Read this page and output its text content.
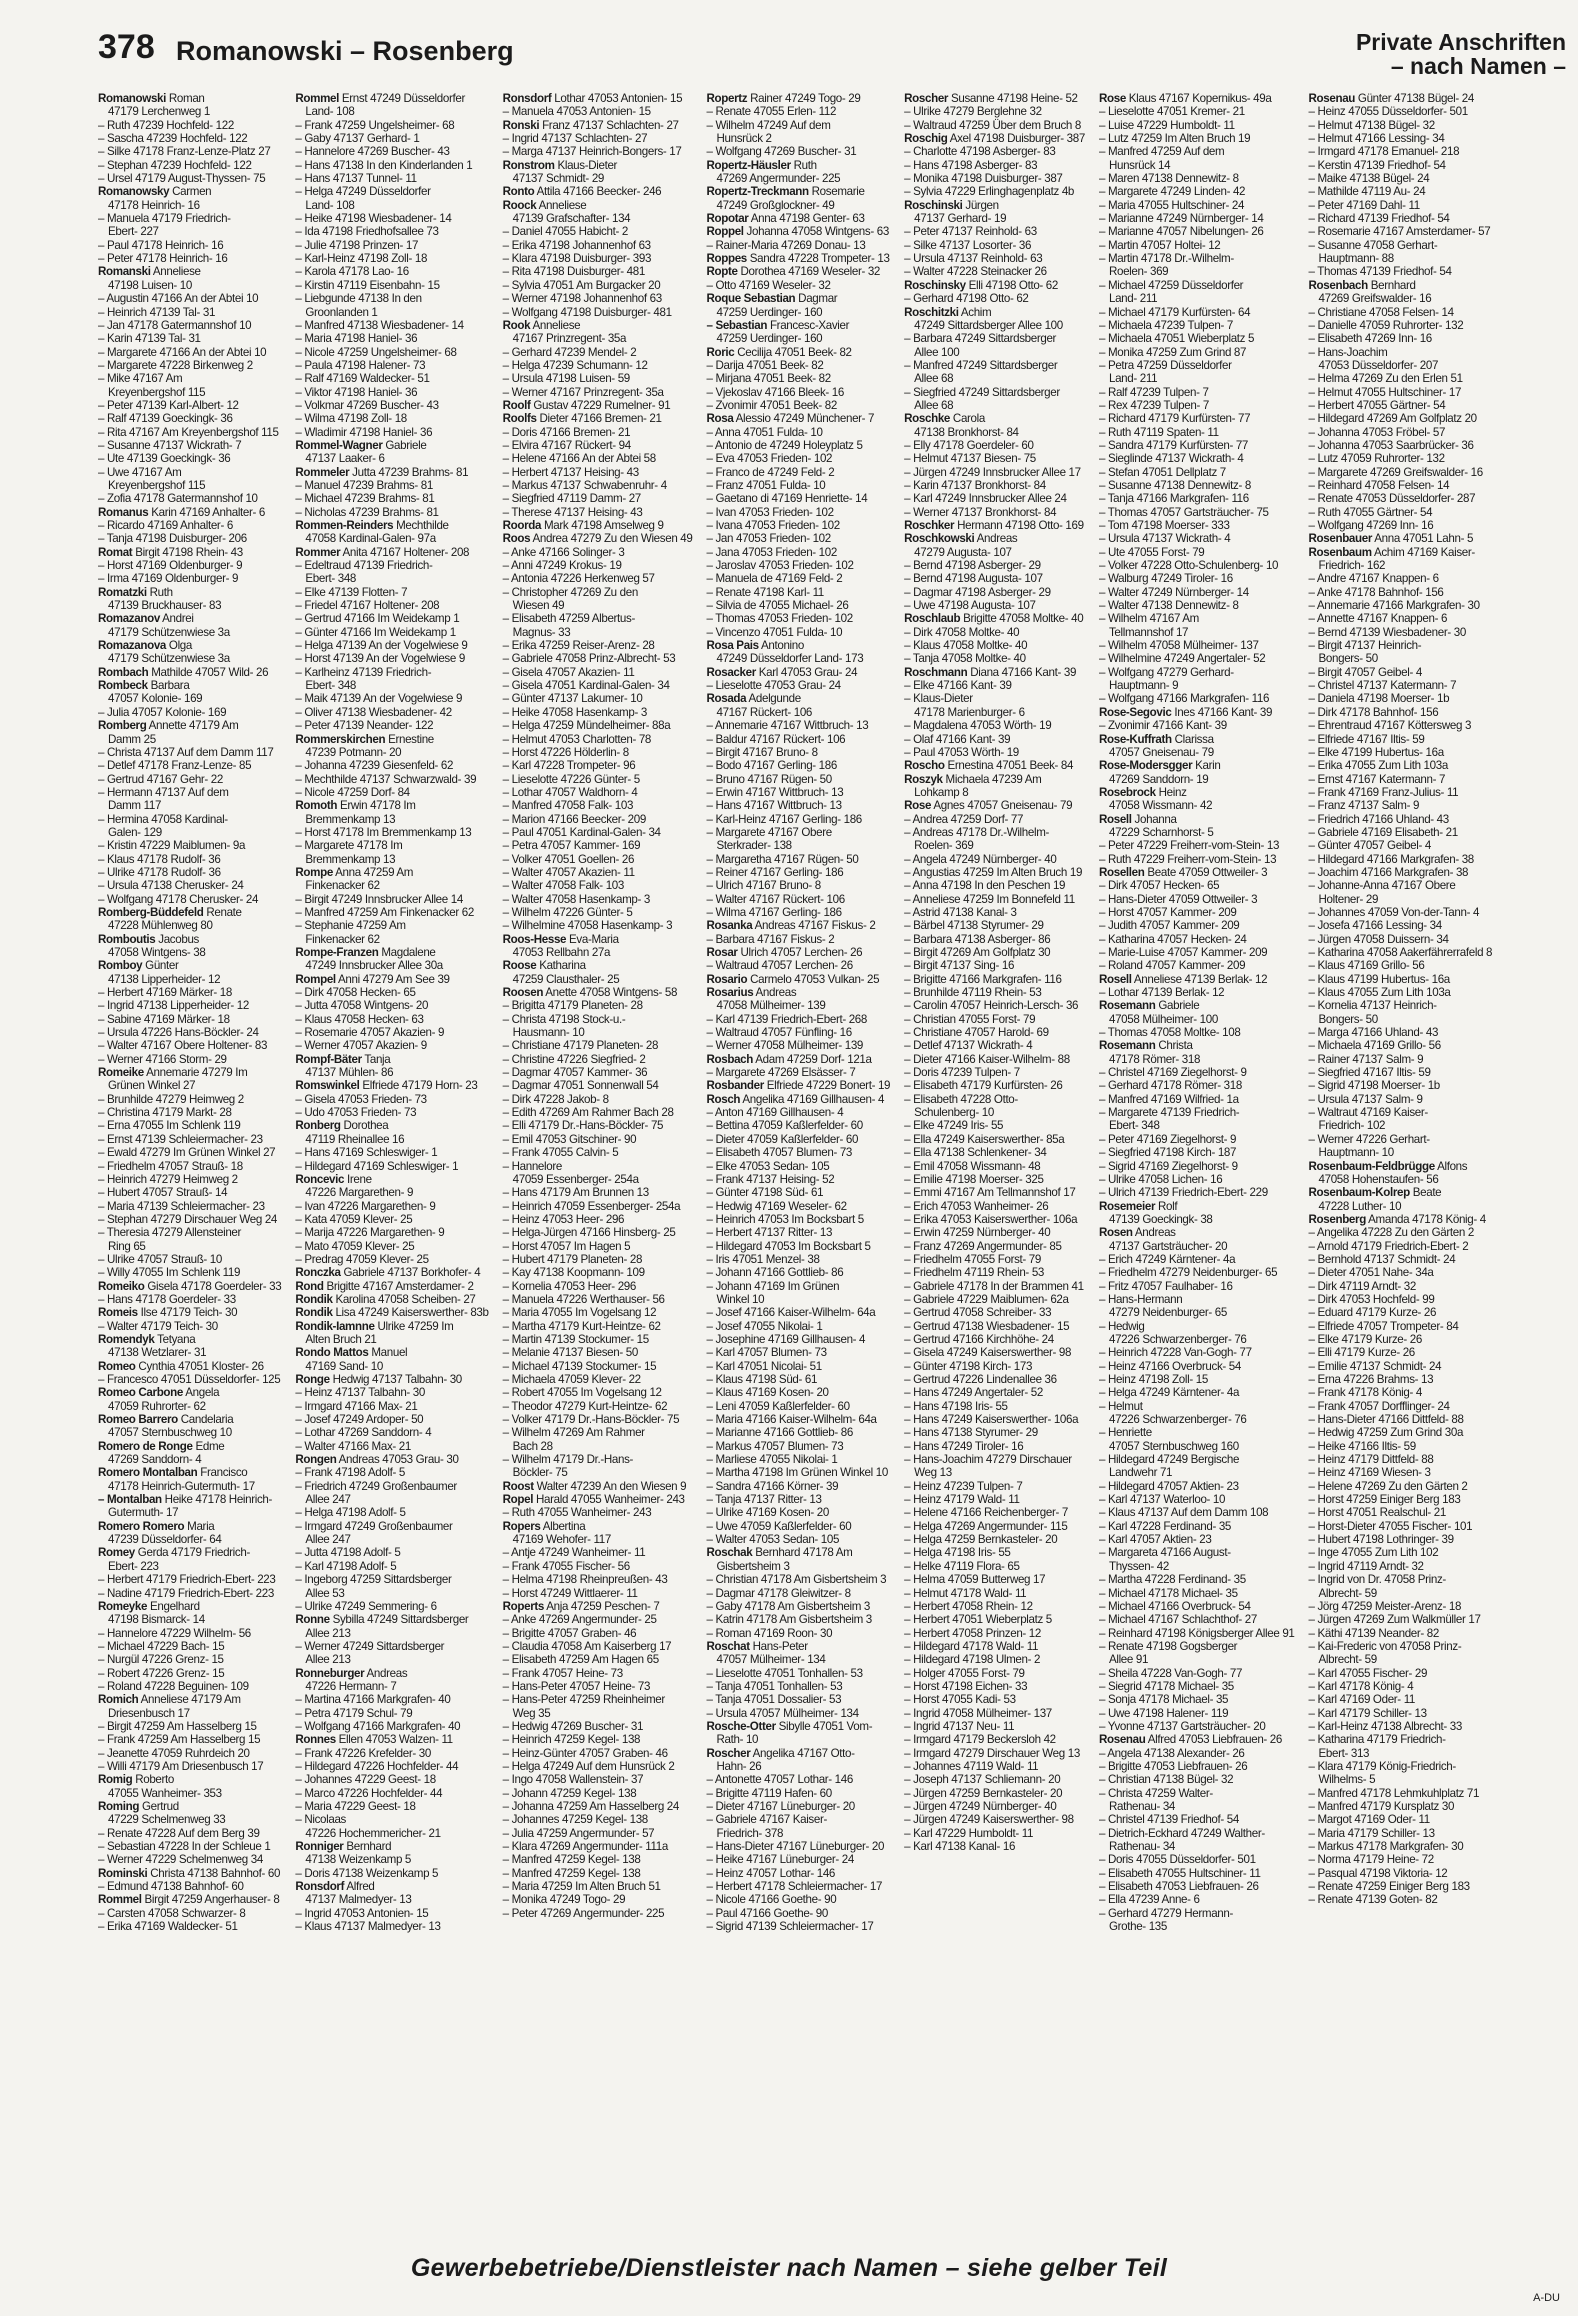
378 Romanowski – Rosenberg	Private Anschriften
– nach Namen –
Romanowski Roman
47179 Lerchenweg 1
– Ruth 47239 Hochfeld- 122
– Sascha 47239 Hochfeld- 122
– Silke 47178 Franz-Lenze-Platz 27
– Stephan 47239 Hochfeld- 122
– Ursel 47179 August-Thyssen- 75
Romanowsky Carmen
47178 Heinrich- 16
– Manuela 47179 Friedrich-
Ebert- 227
– Paul 47178 Heinrich- 16
– Peter 47178 Heinrich- 16
Romanski Anneliese
47198 Luisen- 10
– Augustin 47166 An der Abtei 10
– Heinrich 47139 Tal- 31
– Jan 47178 Gatermannshof 10
– Karin 47139 Tal- 31
– Margarete 47166 An der Abtei 10
– Margarete 47228 Birkenweg 2
– Mike 47167 Am
Kreyenbergshof 115
– Peter 47139 Karl-Albert- 12
– Ralf 47139 Goeckingk- 36
– Rita 47167 Am Kreyenbergshof 115
– Susanne 47137 Wickrath- 7
– Ute 47139 Goeckingk- 36
– Uwe 47167 Am
Kreyenbergshof 115
– Zofia 47178 Gatermannshof 10
Romanus Karin 47169 Anhalter- 6
– Ricardo 47169 Anhalter- 6
– Tanja 47198 Duisburger- 206
Romat Birgit 47198 Rhein- 43
– Horst 47169 Oldenburger- 9
– Irma 47169 Oldenburger- 9
Romatzki Ruth
47139 Bruckhauser- 83
Romazanov Andrei
47179 Schützenwiese 3a
Romazanova Olga
47179 Schützenwiese 3a
Rombach Mathilde 47057 Wild- 26
Rombeck Barbara
47057 Kolonie- 169
– Julia 47057 Kolonie- 169
Romberg Annette 47179 Am
Damm 25
– Christa 47137 Auf dem Damm 117
– Detlef 47178 Franz-Lenze- 85
– Gertrud 47167 Gehr- 22
– Hermann 47137 Auf dem
Damm 117
– Hermina 47058 Kardinal-
Galen- 129
– Kristin 47229 Maiblumen- 9a
– Klaus 47178 Rudolf- 36
– Ulrike 47178 Rudolf- 36
– Ursula 47138 Cherusker- 24
– Wolfgang 47178 Cherusker- 24
Romberg-Büddefeld Renate
47228 Mühlenweg 80
Romboutis Jacobus
47058 Wintgens- 38
Romboy Günter
47138 Lipperheider- 12
– Herbert 47169 Märker- 18
– Ingrid 47138 Lipperheider- 12
– Sabine 47169 Märker- 18
– Ursula 47226 Hans-Böckler- 24
– Walter 47167 Obere Holtener- 83
– Werner 47166 Storm- 29
Romeike Annemarie 47279 Im
Grünen Winkel 27
– Brunhilde 47279 Heimweg 2
– Christina 47179 Markt- 28
– Erna 47055 Im Schlenk 119
– Ernst 47139 Schleiermacher- 23
– Ewald 47279 Im Grünen Winkel 27
– Friedhelm 47057 Strauß- 18
– Heinrich 47279 Heimweg 2
– Hubert 47057 Strauß- 14
– Maria 47139 Schleiermacher- 23
– Stephan 47279 Dirschauer Weg 24
– Theresia 47279 Allensteiner
Ring 65
– Ulrike 47057 Strauß- 10
– Willy 47055 Im Schlenk 119
Romeiko Gisela 47178 Goerdeler- 33
– Hans 47178 Goerdeler- 33
Romeis Ilse 47179 Teich- 30
– Walter 47179 Teich- 30
Romendyk Tetyana
47138 Wetzlarer- 31
Romeo Cynthia 47051 Kloster- 26
– Francesco 47051 Düsseldorfer- 125
Romeo Carbone Angela
47059 Ruhrorter- 62
Romeo Barrero Candelaria
47057 Sternbuschweg 10
Romero de Ronge Edme
47269 Sanddorn- 4
Romero Montalban Francisco
47178 Heinrich-Gutermuth- 17
– Montalban Heike 47178 Heinrich-
Gutermuth- 17
Romero Romero Maria
47239 Düsseldorfer- 64
Romey Gerda 47179 Friedrich-
Ebert- 223
– Herbert 47179 Friedrich-Ebert- 223
– Nadine 47179 Friedrich-Ebert- 223
Romeyke Engelhard
47198 Bismarck- 14
– Hannelore 47229 Wilhelm- 56
– Michael 47229 Bach- 15
– Nurgül 47226 Grenz- 15
– Robert 47226 Grenz- 15
– Roland 47228 Beguinen- 109
Romich Anneliese 47179 Am
Driesenbusch 17
– Birgit 47259 Am Hasselberg 15
– Frank 47259 Am Hasselberg 15
– Jeanette 47059 Ruhrdeich 20
– Willi 47179 Am Driesenbusch 17
Romig Roberto
47055 Wanheimer- 353
Roming Gertrud
47229 Schelmenweg 33
– Renate 47228 Auf dem Berg 39
– Sebastian 47228 In der Schleue 1
– Werner 47229 Schelmenweg 34
Rominski Christa 47138 Bahnhof- 60
– Edmund 47138 Bahnhof- 60
Rommel Birgit 47259 Angerhauser- 8
– Carsten 47058 Schwarzer- 8
– Erika 47169 Waldecker- 51
Rommel Ernst 47249 Düsseldorfer
Land- 108
– Frank 47259 Ungelsheimer- 68
– Gaby 47137 Gerhard- 1
– Hannelore 47269 Buscher- 43
– Hans 47138 In den Kinderlanden 1
– Hans 47137 Tunnel- 11
– Helga 47249 Düsseldorfer
Land- 108
– Heike 47198 Wiesbadener- 14
– Ida 47198 Friedhofsallee 73
– Julie 47198 Prinzen- 17
– Karl-Heinz 47198 Zoll- 18
– Karola 47178 Lao- 16
– Kirstin 47119 Eisenbahn- 15
– Liebgunde 47138 In den
Groonlanden 1
– Manfred 47138 Wiesbadener- 14
– Maria 47198 Haniel- 36
– Nicole 47259 Ungelsheimer- 68
– Paula 47198 Halener- 73
– Ralf 47169 Waldecker- 51
– Viktor 47198 Haniel- 36
– Volkmar 47269 Buscher- 43
– Wilma 47198 Zoll- 18
– Wladimir 47198 Haniel- 36
Rommel-Wagner Gabriele
47137 Laaker- 6
Rommeler Jutta 47239 Brahms- 81
– Manuel 47239 Brahms- 81
– Michael 47239 Brahms- 81
– Nicholas 47239 Brahms- 81
Rommen-Reinders Mechthilde
47058 Kardinal-Galen- 97a
Rommer Anita 47167 Holtener- 208
– Edeltraud 47139 Friedrich-
Ebert- 348
– Elke 47139 Flotten- 7
– Friedel 47167 Holtener- 208
– Gertrud 47166 Im Weidekamp 1
– Günter 47166 Im Weidekamp 1
– Helga 47139 An der Vogelwiese 9
– Horst 47139 An der Vogelwiese 9
– Karlheinz 47139 Friedrich-
Ebert- 348
– Maik 47139 An der Vogelwiese 9
– Oliver 47138 Wiesbadener- 42
– Peter 47139 Neander- 122
Rommerskirchen Ernestine
47239 Potmann- 20
– Johanna 47239 Giesenfeld- 62
– Mechthilde 47137 Schwarzwald- 39
– Nicole 47259 Dorf- 84
Romoth Erwin 47178 Im
Bremmenkamp 13
– Horst 47178 Im Bremmenkamp 13
– Margarete 47178 Im
Bremmenkamp 13
Rompe Anna 47259 Am
Finkenacker 62
– Birgit 47249 Innsbrucker Allee 14
– Manfred 47259 Am Finkenacker 62
– Stephanie 47259 Am
Finkenacker 62
Rompe-Franzen Magdalene
47249 Innsbrucker Allee 30a
Rompel Anni 47279 Am See 39
– Dirk 47058 Hecken- 65
– Jutta 47058 Wintgens- 20
– Klaus 47058 Hecken- 63
– Rosemarie 47057 Akazien- 9
– Werner 47057 Akazien- 9
Rompf-Bäter Tanja
47137 Mühlen- 86
Romswinkel Elfriede 47179 Horn- 23
– Gisela 47053 Frieden- 73
– Udo 47053 Frieden- 73
Ronberg Dorothea
47119 Rheinallee 16
– Hans 47169 Schleswiger- 1
– Hildegard 47169 Schleswiger- 1
Roncevic Irene
47226 Margarethen- 9
– Ivan 47226 Margarethen- 9
– Kata 47059 Klever- 25
– Marija 47226 Margarethen- 9
– Mato 47059 Klever- 25
– Predrag 47059 Klever- 25
Ronczka Gabriele 47137 Borkhofer- 4
Rond Brigitte 47167 Amsterdamer- 2
Rondik Karolina 47058 Scheiben- 27
Rondik Lisa 47249 Kaiserswerther- 83b
Rondik-Iamnne Ulrike 47259 Im
Alten Bruch 21
Rondo Mattos Manuel
47169 Sand- 10
Ronge Hedwig 47137 Talbahn- 30
– Heinz 47137 Talbahn- 30
– Irmgard 47166 Max- 21
– Josef 47249 Ardoper- 50
– Lothar 47269 Sanddorn- 4
– Walter 47166 Max- 21
Rongen Andreas 47053 Grau- 30
– Frank 47198 Adolf- 5
– Friedrich 47249 Großenbaumer
Allee 247
– Helga 47198 Adolf- 5
– Irmgard 47249 Großenbaumer
Allee 247
– Jutta 47198 Adolf- 5
– Karl 47198 Adolf- 5
– Ingeborg 47259 Sittardsberger
Allee 53
– Ulrike 47249 Semmering- 6
Ronne Sybilla 47249 Sittardsberger
Allee 213
– Werner 47249 Sittardsberger
Allee 213
Ronneburger Andreas
47226 Hermann- 7
– Martina 47166 Markgrafen- 40
– Petra 47179 Schul- 79
– Wolfgang 47166 Markgrafen- 40
Ronnes Ellen 47053 Walzen- 11
– Frank 47226 Krefelder- 30
– Hildegard 47226 Hochfelder- 44
– Johannes 47229 Geest- 18
– Marco 47226 Hochfelder- 44
– Maria 47229 Geest- 18
– Nicolaas
47226 Hochemmericher- 21
Ronniger Bernhard
47138 Weizenkamp 5
– Doris 47138 Weizenkamp 5
Ronsdorf Alfred
47137 Malmedyer- 13
– Ingrid 47053 Antonien- 15
– Klaus 47137 Malmedyer- 13
Ronsdorf Lothar 47053 Antonien- 15
– Manuela 47053 Antonien- 15
Ronski Franz 47137 Schlachten- 27
– Ingrid 47137 Schlachten- 27
– Marga 47137 Heinrich-Bongers- 17
Ronstrom Klaus-Dieter
47137 Schmidt- 29
Ronto Attila 47166 Beecker- 246
Roock Anneliese
47139 Grafschafter- 134
– Daniel 47055 Habicht- 2
– Erika 47198 Johannenhof 63
– Klara 47198 Duisburger- 393
– Rita 47198 Duisburger- 481
– Sylvia 47051 Am Burgacker 20
– Werner 47198 Johannenhof 63
– Wolfgang 47198 Duisburger- 481
Rook Anneliese
47167 Prinzregent- 35a
– Gerhard 47239 Mendel- 2
– Helga 47239 Schumann- 12
– Ursula 47198 Luisen- 59
– Werner 47167 Prinzregent- 35a
Roolf Gustav 47229 Rumelner- 91
Roolfs Dieter 47166 Bremen- 21
– Doris 47166 Bremen- 21
– Elvira 47167 Rückert- 94
– Helene 47166 An der Abtei 58
– Herbert 47137 Heising- 43
– Markus 47137 Schwabenruhr- 4
– Siegfried 47119 Damm- 27
– Therese 47137 Heising- 43
Roorda Mark 47198 Amselweg 9
Roos Andrea 47279 Zu den Wiesen 49
– Anke 47166 Solinger- 3
– Anni 47249 Krokus- 19
– Antonia 47226 Herkenweg 57
– Christopher 47269 Zu den
Wiesen 49
– Elisabeth 47259 Albertus-
Magnus- 33
– Erika 47259 Reiser-Arenz- 28
– Gabriele 47058 Prinz-Albrecht- 53
– Gisela 47057 Akazien- 11
– Gisela 47051 Kardinal-Galen- 34
– Günter 47137 Lakumer- 10
– Heike 47058 Hasenkamp- 3
– Helga 47259 Mündelheimer- 88a
– Helmut 47053 Charlotten- 78
– Horst 47226 Hölderlin- 8
– Karl 47228 Trompeter- 96
– Lieselotte 47226 Günter- 5
– Lothar 47057 Waldhorn- 4
– Manfred 47058 Falk- 103
– Marion 47166 Beecker- 209
– Paul 47051 Kardinal-Galen- 34
– Petra 47057 Kammer- 169
– Volker 47051 Goellen- 26
– Walter 47057 Akazien- 11
– Walter 47058 Falk- 103
– Walter 47058 Hasenkamp- 3
– Wilhelm 47226 Günter- 5
– Wilhelmine 47058 Hasenkamp- 3
Roos-Hesse Eva-Maria
47053 Rellbahn 27a
Roose Katharina
47259 Clausthaler- 25
Roosen Anette 47058 Wintgens- 58
– Brigitta 47179 Planeten- 28
– Christa 47198 Stock-u.-
Hausmann- 10
– Christiane 47179 Planeten- 28
– Christine 47226 Siegfried- 2
– Dagmar 47057 Kammer- 36
– Dagmar 47051 Sonnenwall 54
– Dirk 47228 Jakob- 8
– Edith 47269 Am Rahmer Bach 28
– Elli 47179 Dr.-Hans-Böckler- 75
– Emil 47053 Gitschiner- 90
– Frank 47055 Calvin- 5
– Hannelore
47059 Essenberger- 254a
– Hans 47179 Am Brunnen 13
– Heinrich 47059 Essenberger- 254a
– Heinz 47053 Heer- 296
– Helga-Jürgen 47166 Hinsberg- 25
– Horst 47057 Im Hagen 5
– Hubert 47179 Planeten- 28
– Kay 47138 Koopmann- 109
– Kornelia 47053 Heer- 296
– Manuela 47226 Werthauser- 56
– Maria 47055 Im Vogelsang 12
– Martha 47179 Kurt-Heintze- 62
– Martin 47139 Stockumer- 15
– Melanie 47137 Biesen- 50
– Michael 47139 Stockumer- 15
– Michaela 47059 Klever- 22
– Robert 47055 Im Vogelsang 12
– Theodor 47279 Kurt-Heintze- 62
– Volker 47179 Dr.-Hans-Böckler- 75
– Wilhelm 47269 Am Rahmer
Bach 28
– Wilhelm 47179 Dr.-Hans-
Böckler- 75
Roost Walter 47239 An den Wiesen 9
Ropel Harald 47055 Wanheimer- 243
– Ruth 47055 Wanheimer- 243
Ropers Albertina
47169 Wehofer- 117
– Antje 47249 Wanheimer- 11
– Frank 47055 Fischer- 56
– Helma 47198 Rheinpreußen- 43
– Horst 47249 Wittlaerer- 11
Roperts Anja 47259 Peschen- 7
– Anke 47269 Angermunder- 25
– Brigitte 47057 Graben- 46
– Claudia 47058 Am Kaiserberg 17
– Elisabeth 47259 Am Hagen 65
– Frank 47057 Heine- 73
– Hans-Peter 47057 Heine- 73
– Hans-Peter 47259 Rheinheimer
Weg 35
– Hedwig 47269 Buscher- 31
– Heinrich 47259 Kegel- 138
– Heinz-Günter 47057 Graben- 46
– Helga 47249 Auf dem Hunsrück 2
– Ingo 47058 Wallenstein- 37
– Johann 47259 Kegel- 138
– Johanna 47259 Am Hasselberg 24
– Johannes 47259 Kegel- 138
– Julia 47259 Angermunder- 57
– Klara 47269 Angermunder- 111a
– Manfred 47259 Kegel- 138
– Manfred 47259 Kegel- 138
– Maria 47259 Im Alten Bruch 51
– Monika 47249 Togo- 29
– Peter 47269 Angermunder- 225
Ropertz Rainer 47249 Togo- 29
– Renate 47055 Erlen- 112
– Wilhelm 47249 Auf dem
Hunsrück 2
– Wolfgang 47269 Buscher- 31
Ropertz-Häusler Ruth
47269 Angermunder- 225
Ropertz-Treckmann Rosemarie
47249 Großglockner- 49
Ropotar Anna 47198 Genter- 63
Roppel Johanna 47058 Wintgens- 63
– Rainer-Maria 47269 Donau- 13
Roppes Sandra 47228 Trompeter- 13
Ropte Dorothea 47169 Weseler- 32
– Otto 47169 Weseler- 32
Roque Sebastian Dagmar
47259 Uerdinger- 160
– Sebastian Francesc-Xavier
47259 Uerdinger- 160
Roric Cecilija 47051 Beek- 82
– Darija 47051 Beek- 82
– Mirjana 47051 Beek- 82
– Vjekoslav 47166 Bleek- 16
– Zvonimir 47051 Beek- 82
Rosa Alessio 47249 Münchener- 7
– Anna 47051 Fulda- 10
– Antonio de 47249 Holeyplatz 5
– Eva 47053 Frieden- 102
– Franco de 47249 Feld- 2
– Franz 47051 Fulda- 10
– Gaetano di 47169 Henriette- 14
– Ivan 47053 Frieden- 102
– Ivana 47053 Frieden- 102
– Jan 47053 Frieden- 102
– Jana 47053 Frieden- 102
– Jaroslav 47053 Frieden- 102
– Manuela de 47169 Feld- 2
– Renate 47198 Karl- 11
– Silvia de 47055 Michael- 26
– Thomas 47053 Frieden- 102
– Vincenzo 47051 Fulda- 10
Rosa Pais Antonino
47249 Düsseldorfer Land- 173
Rosacker Karl 47053 Grau- 24
– Lieselotte 47053 Grau- 24
Rosada Adelgunde
47167 Rückert- 106
– Annemarie 47167 Wittbruch- 13
– Baldur 47167 Rückert- 106
– Birgit 47167 Bruno- 8
– Bodo 47167 Gerling- 186
– Bruno 47167 Rügen- 50
– Erwin 47167 Wittbruch- 13
– Hans 47167 Wittbruch- 13
– Karl-Heinz 47167 Gerling- 186
– Margarete 47167 Obere
Sterkrader- 138
– Margaretha 47167 Rügen- 50
– Reiner 47167 Gerling- 186
– Ulrich 47167 Bruno- 8
– Walter 47167 Rückert- 106
– Wilma 47167 Gerling- 186
Rosanka Andreas 47167 Fiskus- 2
– Barbara 47167 Fiskus- 2
Rosar Ulrich 47057 Lerchen- 26
– Waltraud 47057 Lerchen- 26
Rosario Carmelo 47053 Vulkan- 25
Rosarius Andreas
47058 Mülheimer- 139
– Karl 47139 Friedrich-Ebert- 268
– Waltraud 47057 Fünfling- 16
– Werner 47058 Mülheimer- 139
Rosbach Adam 47259 Dorf- 121a
– Margarete 47269 Elsässer- 7
Rosbander Elfriede 47229 Bonert- 19
Rosch Angelika 47169 Gillhausen- 4
– Anton 47169 Gillhausen- 4
– Bettina 47059 Kaßlerfelder- 60
– Dieter 47059 Kaßlerfelder- 60
– Elisabeth 47057 Blumen- 73
– Elke 47053 Sedan- 105
– Frank 47137 Heising- 52
– Günter 47198 Süd- 61
– Hedwig 47169 Weseler- 62
– Heinrich 47053 Im Bocksbart 5
– Herbert 47137 Ritter- 13
– Hildegard 47053 Im Bocksbart 5
– Iris 47051 Menzel- 38
– Johann 47166 Gottlieb- 86
– Johann 47169 Im Grünen
Winkel 10
– Josef 47166 Kaiser-Wilhelm- 64a
– Josef 47055 Nikolai- 1
– Josephine 47169 Gillhausen- 4
– Karl 47057 Blumen- 73
– Karl 47051 Nicolai- 51
– Klaus 47198 Süd- 61
– Klaus 47169 Kosen- 20
– Leni 47059 Kaßlerfelder- 60
– Maria 47166 Kaiser-Wilhelm- 64a
– Marianne 47166 Gottlieb- 86
– Markus 47057 Blumen- 73
– Marliese 47055 Nikolai- 1
– Martha 47198 Im Grünen Winkel 10
– Sandra 47166 Körner- 39
– Tanja 47137 Ritter- 13
– Ulrike 47169 Kosen- 20
– Uwe 47059 Kaßlerfelder- 60
– Walter 47053 Sedan- 105
Roschak Bernhard 47178 Am
Gisbertsheim 3
– Christian 47178 Am Gisbertsheim 3
– Dagmar 47178 Gleiwitzer- 8
– Gaby 47178 Am Gisbertsheim 3
– Katrin 47178 Am Gisbertsheim 3
– Roman 47169 Roon- 30
Roschat Hans-Peter
47057 Mülheimer- 134
– Lieselotte 47051 Tonhallen- 53
– Tanja 47051 Tonhallen- 53
– Tanja 47051 Dossalier- 53
– Ursula 47057 Mülheimer- 134
Rosche-Otter Sibylle 47051 Vom-
Rath- 10
Roscher Angelika 47167 Otto-
Hahn- 26
– Antonette 47057 Lothar- 146
– Brigitte 47119 Hafen- 60
– Dieter 47167 Lüneburger- 20
– Gabriele 47167 Kaiser-
Friedrich- 378
– Hans-Dieter 47167 Lüneburger- 20
– Heike 47167 Lüneburger- 24
– Heinz 47057 Lothar- 146
– Herbert 47178 Schleiermacher- 17
– Nicole 47166 Goethe- 90
– Paul 47166 Goethe- 90
– Sigrid 47139 Schleiermacher- 17
Roscher Susanne 47198 Heine- 52
– Ulrike 47279 Berglehne 32
– Waltraud 47259 Über dem Bruch 8
Roschig Axel 47198 Duisburger- 387
– Charlotte 47198 Asberger- 83
– Hans 47198 Asberger- 83
– Monika 47198 Duisburger- 387
– Sylvia 47229 Erlinghagenplatz 4b
Roschinski Jürgen
47137 Gerhard- 19
– Peter 47137 Reinhold- 63
– Silke 47137 Losorter- 36
– Ursula 47137 Reinhold- 63
– Walter 47228 Steinacker 26
Roschinsky Elli 47198 Otto- 62
– Gerhard 47198 Otto- 62
Roschitzki Achim
47249 Sittardsberger Allee 100
– Barbara 47249 Sittardsberger
Allee 100
– Manfred 47249 Sittardsberger
Allee 68
– Siegfried 47249 Sittardsberger
Allee 68
Roschke Carola
47138 Bronkhorst- 84
– Elly 47178 Goerdeler- 60
– Helmut 47137 Biesen- 75
– Jürgen 47249 Innsbrucker Allee 17
– Karin 47137 Bronkhorst- 84
– Karl 47249 Innsbrucker Allee 24
– Werner 47137 Bronkhorst- 84
Roschker Hermann 47198 Otto- 169
Roschkowski Andreas
47279 Augusta- 107
– Bernd 47198 Asberger- 29
– Bernd 47198 Augusta- 107
– Dagmar 47198 Asberger- 29
– Uwe 47198 Augusta- 107
Roschlaub Brigitte 47058 Moltke- 40
– Dirk 47058 Moltke- 40
– Klaus 47058 Moltke- 40
– Tanja 47058 Moltke- 40
Roschmann Diana 47166 Kant- 39
– Elke 47166 Kant- 39
– Klaus-Dieter
47178 Marienburger- 6
– Magdalena 47053 Wörth- 19
– Olaf 47166 Kant- 39
– Paul 47053 Wörth- 19
Roscho Ernestina 47051 Beek- 84
Roszyk Michaela 47239 Am
Lohkamp 8
Rose Agnes 47057 Gneisenau- 79
– Andrea 47259 Dorf- 77
– Andreas 47178 Dr.-Wilhelm-
Roelen- 369
– Angela 47249 Nürnberger- 40
– Angustias 47259 Im Alten Bruch 19
– Anna 47198 In den Peschen 19
– Anneliese 47259 Im Bonnefeld 11
– Astrid 47138 Kanal- 3
– Bärbel 47138 Styrumer- 29
– Barbara 47138 Asberger- 86
– Birgit 47269 Am Golfplatz 30
– Birgit 47137 Sing- 16
– Brigitte 47166 Markgrafen- 116
– Brunhilde 47119 Rhein- 53
– Carolin 47057 Heinrich-Lersch- 36
– Christian 47055 Forst- 79
– Christiane 47057 Harold- 69
– Detlef 47137 Wickrath- 4
– Dieter 47166 Kaiser-Wilhelm- 88
– Doris 47239 Tulpen- 7
– Elisabeth 47179 Kurfürsten- 26
– Elisabeth 47228 Otto-
Schulenberg- 10
– Elke 47249 Iris- 55
– Ella 47249 Kaiserswerther- 85a
– Ella 47138 Schlenkener- 34
– Emil 47058 Wissmann- 48
– Emilie 47198 Moerser- 325
– Emmi 47167 Am Tellmannshof 17
– Erich 47053 Wanheimer- 26
– Erika 47053 Kaiserswerther- 106a
– Erwin 47259 Nürnberger- 40
– Franz 47269 Angermunder- 85
– Friedhelm 47055 Forst- 79
– Friedhelm 47119 Rhein- 53
– Gabriele 47178 In der Brammen 41
– Gabriele 47229 Maiblumen- 62a
– Gertrud 47058 Schreiber- 33
– Gertrud 47138 Wiesbadener- 15
– Gertrud 47166 Kirchhöhe- 24
– Gisela 47249 Kaiserswerther- 98
– Günter 47198 Kirch- 173
– Gertrud 47226 Lindenallee 36
– Hans 47249 Angertaler- 52
– Hans 47198 Iris- 55
– Hans 47249 Kaiserswerther- 106a
– Hans 47138 Styrumer- 29
– Hans 47249 Tiroler- 16
– Hans-Joachim 47279 Dirschauer
Weg 13
– Heinz 47239 Tulpen- 7
– Heinz 47179 Wald- 11
– Helene 47166 Reichenberger- 7
– Helga 47269 Angermunder- 115
– Helga 47259 Bernkasteler- 20
– Helga 47198 Iris- 55
– Helke 47119 Flora- 65
– Helma 47059 Butterweg 17
– Helmut 47178 Wald- 11
– Herbert 47058 Rhein- 12
– Herbert 47051 Wieberplatz 5
– Herbert 47058 Prinzen- 12
– Hildegard 47178 Wald- 11
– Hildegard 47198 Ulmen- 2
– Holger 47055 Forst- 79
– Horst 47198 Eichen- 33
– Horst 47055 Kadi- 53
– Ingrid 47058 Mülheimer- 137
– Ingrid 47137 Neu- 11
– Irmgard 47179 Beckersloh 42
– Irmgard 47279 Dirschauer Weg 13
– Johannes 47119 Wald- 11
– Joseph 47137 Schliemann- 20
– Jürgen 47259 Bernkasteler- 20
– Jürgen 47249 Nürnberger- 40
– Jürgen 47249 Kaiserswerther- 98
– Karl 47229 Humboldt- 11
– Karl 47138 Kanal- 16
Rose Klaus 47167 Kopernikus- 49a
– Lieselotte 47051 Kremer- 21
– Luise 47229 Humboldt- 11
– Lutz 47259 Im Alten Bruch 19
– Manfred 47259 Auf dem
Hunsrück 14
– Maren 47138 Dennewitz- 8
– Margarete 47249 Linden- 42
– Maria 47055 Hultschiner- 24
– Marianne 47249 Nürnberger- 14
– Marianne 47057 Nibelungen- 26
– Martin 47057 Holtei- 12
– Martin 47178 Dr.-Wilhelm-
Roelen- 369
– Michael 47259 Düsseldorfer
Land- 211
– Michael 47179 Kurfürsten- 64
– Michaela 47239 Tulpen- 7
– Michaela 47051 Wieberplatz 5
– Monika 47259 Zum Grind 87
– Petra 47259 Düsseldorfer
Land- 211
– Ralf 47239 Tulpen- 7
– Rex 47239 Tulpen- 7
– Richard 47179 Kurfürsten- 77
– Ruth 47119 Spaten- 11
– Sandra 47179 Kurfürsten- 77
– Sieglinde 47137 Wickrath- 4
– Stefan 47051 Dellplatz 7
– Susanne 47138 Dennewitz- 8
– Tanja 47166 Markgrafen- 116
– Thomas 47057 Gartsträucher- 75
– Tom 47198 Moerser- 333
– Ursula 47137 Wickrath- 4
– Ute 47055 Forst- 79
– Volker 47228 Otto-Schulenberg- 10
– Walburg 47249 Tiroler- 16
– Walter 47249 Nürnberger- 14
– Walter 47138 Dennewitz- 8
– Wilhelm 47167 Am
Tellmannshof 17
– Wilhelm 47058 Mülheimer- 137
– Wilhelmine 47249 Angertaler- 52
– Wolfgang 47279 Gerhard-
Hauptmann- 9
– Wolfgang 47166 Markgrafen- 116
Rose-Segovic Ines 47166 Kant- 39
– Zvonimir 47166 Kant- 39
Rose-Kuffrath Clarissa
47057 Gneisenau- 79
Rose-Modersgger Karin
47269 Sanddorn- 19
Rosebrock Heinz
47058 Wissmann- 42
Rosell Johanna
47229 Scharnhorst- 5
– Peter 47229 Freiherr-vom-Stein- 13
– Ruth 47229 Freiherr-vom-Stein- 13
Rosellen Beate 47059 Ottweiler- 3
– Dirk 47057 Hecken- 65
– Hans-Dieter 47059 Ottweiler- 3
– Horst 47057 Kammer- 209
– Judith 47057 Kammer- 209
– Katharina 47057 Hecken- 24
– Marie-Luise 47057 Kammer- 209
– Roland 47057 Kammer- 209
Rosell Anneliese 47139 Berlak- 12
– Lothar 47139 Berlak- 12
Rosemann Gabriele
47058 Mülheimer- 100
– Thomas 47058 Moltke- 108
Rosemann Christa
47178 Römer- 318
– Christel 47169 Ziegelhorst- 9
– Gerhard 47178 Römer- 318
– Manfred 47169 Wilfried- 1a
– Margarete 47139 Friedrich-
Ebert- 348
– Peter 47169 Ziegelhorst- 9
– Siegfried 47198 Kirch- 187
– Sigrid 47169 Ziegelhorst- 9
– Ulrike 47058 Lichen- 16
– Ulrich 47139 Friedrich-Ebert- 229
Rosemeier Rolf
47139 Goeckingk- 38
Rosen Andreas
47137 Gartsträucher- 20
– Erich 47249 Kärntener- 4a
– Friedhelm 47279 Neidenburger- 65
– Fritz 47057 Faulhaber- 16
– Hans-Hermann
47279 Neidenburger- 65
– Hedwig
47226 Schwarzenberger- 76
– Heinrich 47228 Van-Gogh- 77
– Heinz 47166 Overbruck- 54
– Heinz 47198 Zoll- 15
– Helga 47249 Kärntener- 4a
– Helmut
47226 Schwarzenberger- 76
– Henriette
47057 Sternbuschweg 160
– Hildegard 47249 Bergische
Landwehr 71
– Hildegard 47057 Aktien- 23
– Karl 47137 Waterloo- 10
– Klaus 47137 Auf dem Damm 108
– Karl 47228 Ferdinand- 35
– Karl 47057 Aktien- 23
– Margareta 47166 August-
Thyssen- 42
– Martha 47228 Ferdinand- 35
– Michael 47178 Michael- 35
– Michael 47166 Overbruck- 54
– Michael 47167 Schlachthof- 27
– Reinhard 47198 Königsberger Allee 91
– Renate 47198 Gogsberger
Allee 91
– Sheila 47228 Van-Gogh- 77
– Siegrid 47178 Michael- 35
– Sonja 47178 Michael- 35
– Uwe 47198 Halener- 119
– Yvonne 47137 Gartsträucher- 20
Rosenau Alfred 47053 Liebfrauen- 26
– Angela 47138 Alexander- 26
– Brigitte 47053 Liebfrauen- 26
– Christian 47138 Bügel- 32
– Christa 47259 Walter-
Rathenau- 34
– Christel 47139 Friedhof- 54
– Dietrich-Eckhard 47249 Walther-
Rathenau- 34
– Doris 47055 Düsseldorfer- 501
– Elisabeth 47055 Hultschiner- 11
– Elisabeth 47053 Liebfrauen- 26
– Ella 47239 Anne- 6
– Gerhard 47279 Hermann-
Grothe- 135
Rosenau Günter 47138 Bügel- 24
– Heinz 47055 Düsseldorfer- 501
– Helmut 47138 Bügel- 32
– Helmut 47166 Lessing- 34
– Irmgard 47178 Emanuel- 218
– Kerstin 47139 Friedhof- 54
– Maike 47138 Bügel- 24
– Mathilde 47119 Au- 24
– Peter 47169 Dahl- 11
– Richard 47139 Friedhof- 54
– Rosemarie 47167 Amsterdamer- 57
– Susanne 47058 Gerhart-
Hauptmann- 88
– Thomas 47139 Friedhof- 54
Rosenbach Bernhard
47269 Greifswalder- 16
– Christiane 47058 Felsen- 14
– Danielle 47059 Ruhrorter- 132
– Elisabeth 47269 Inn- 16
– Hans-Joachim
47053 Düsseldorfer- 207
– Helma 47269 Zu den Erlen 51
– Helmut 47055 Hultschiner- 17
– Herbert 47055 Gärtner- 54
– Hildegard 47269 Am Golfplatz 20
– Johanna 47053 Fröbel- 57
– Johanna 47053 Saarbrücker- 36
– Lutz 47059 Ruhrorter- 132
– Margarete 47269 Greifswalder- 16
– Reinhard 47058 Felsen- 14
– Renate 47053 Düsseldorfer- 287
– Ruth 47055 Gärtner- 54
– Wolfgang 47269 Inn- 16
Rosenbauer Anna 47051 Lahn- 5
Rosenbaum Achim 47169 Kaiser-
Friedrich- 162
– Andre 47167 Knappen- 6
– Anke 47178 Bahnhof- 156
– Annemarie 47166 Markgrafen- 30
– Annette 47167 Knappen- 6
– Bernd 47139 Wiesbadener- 30
– Birgit 47137 Heinrich-
Bongers- 50
– Birgit 47057 Geibel- 4
– Christel 47137 Katermann- 7
– Daniela 47198 Moerser- 1b
– Dirk 47178 Bahnhof- 156
– Ehrentraud 47167 Köttersweg 3
– Elfriede 47167 Iltis- 59
– Elke 47199 Hubertus- 16a
– Erika 47055 Zum Lith 103a
– Ernst 47167 Katermann- 7
– Frank 47169 Franz-Julius- 11
– Franz 47137 Salm- 9
– Friedrich 47166 Uhland- 43
– Gabriele 47169 Elisabeth- 21
– Günter 47057 Geibel- 4
– Hildegard 47166 Markgrafen- 38
– Joachim 47166 Markgrafen- 38
– Johanne-Anna 47167 Obere
Holtener- 29
– Johannes 47059 Von-der-Tann- 4
– Josefa 47166 Lessing- 34
– Jürgen 47058 Duissern- 34
– Katharina 47058 Aakerfährerrafeld 8
– Klaus 47169 Grillo- 56
– Klaus 47199 Hubertus- 16a
– Klaus 47055 Zum Lith 103a
– Kornelia 47137 Heinrich-
Bongers- 50
– Marga 47166 Uhland- 43
– Michaela 47169 Grillo- 56
– Rainer 47137 Salm- 9
– Siegfried 47167 Iltis- 59
– Sigrid 47198 Moerser- 1b
– Ursula 47137 Salm- 9
– Waltraut 47169 Kaiser-
Friedrich- 102
– Werner 47226 Gerhart-
Hauptmann- 10
Rosenbaum-Feldbrügge Alfons
47058 Hohenstaufen- 56
Rosenbaum-Kolrep Beate
47228 Luther- 10
Rosenberg Amanda 47178 König- 4
– Angelika 47228 Zu den Gärten 2
– Arnold 47179 Friedrich-Ebert- 2
– Bernhold 47137 Schmidt- 24
– Dieter 47051 Nahe- 34a
– Dirk 47119 Arndt- 32
– Dirk 47053 Hochfeld- 99
– Eduard 47179 Kurze- 26
– Elfriede 47057 Trompeter- 84
– Elke 47179 Kurze- 26
– Elli 47179 Kurze- 26
– Emilie 47137 Schmidt- 24
– Erna 47226 Brahms- 13
– Frank 47178 König- 4
– Frank 47057 Dorfflinger- 24
– Hans-Dieter 47166 Dittfeld- 88
– Hedwig 47259 Zum Grind 30a
– Heike 47166 Iltis- 59
– Heinz 47179 Dittfeld- 88
– Heinz 47169 Wiesen- 3
– Helene 47269 Zu den Gärten 2
– Horst 47259 Einiger Berg 183
– Horst 47051 Realschul- 21
– Horst-Dieter 47055 Fischer- 101
– Hubert 47198 Lothringer- 39
– Inge 47055 Zum Lith 102
– Ingrid 47119 Arndt- 32
– Ingrid von Dr. 47058 Prinz-
Albrecht- 59
– Jörg 47259 Meister-Arenz- 18
– Jürgen 47269 Zum Walkmüller 17
– Käthi 47139 Neander- 82
– Kai-Frederic von 47058 Prinz-
Albrecht- 59
– Karl 47055 Fischer- 29
– Karl 47178 König- 4
– Karl 47169 Oder- 11
– Karl 47179 Schiller- 13
– Karl-Heinz 47138 Albrecht- 33
– Katharina 47179 Friedrich-
Ebert- 313
– Klara 47179 König-Friedrich-
Wilhelms- 5
– Manfred 47178 Lehmkuhlplatz 71
– Manfred 47179 Kursplatz 30
– Margot 47169 Oder- 11
– Maria 47179 Schiller- 13
– Markus 47178 Markgrafen- 30
– Norma 47179 Heine- 72
– Pasqual 47198 Viktoria- 12
– Renate 47259 Einiger Berg 183
– Renate 47139 Goten- 82
Gewerbebetriebe/Dienstleister nach Namen – siehe gelber Teil
A-DU
